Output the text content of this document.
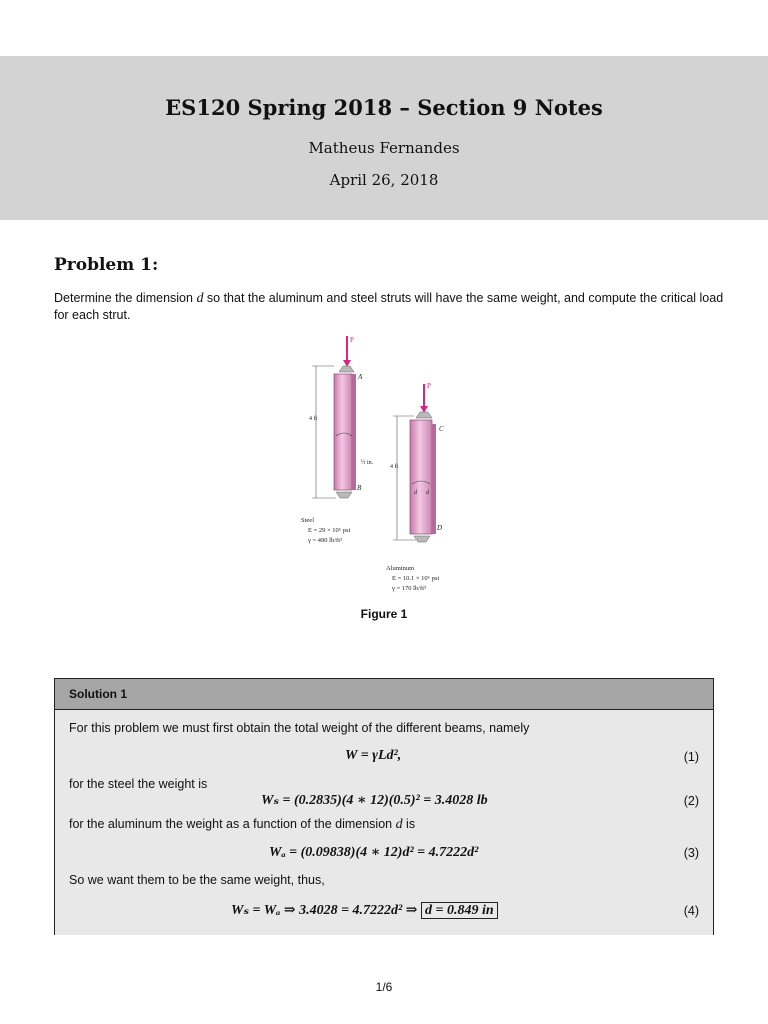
ES120 Spring 2018 – Section 9 Notes
Matheus Fernandes
April 26, 2018
Problem 1:
Determine the dimension d so that the aluminum and steel struts will have the same weight, and compute the critical load for each strut.
P
P
A
B
C
D
4 ft
4 ft
½ in.
d d
Steel
E = 29 × 10⁶ psi
γ = 490 lb/ft³
Aluminum
E = 10.1 × 10⁶ psi
γ = 170 lb/ft³
Figure 1
Solution 1
For this problem we must first obtain the total weight of the different beams, namely
W = γLd²,	(1)
for the steel the weight is
Wₛ = (0.2835)(4 ∗ 12)(0.5)² = 3.4028 lb	(2)
for the aluminum the weight as a function of the dimension d is
Wₐ = (0.09838)(4 ∗ 12)d² = 4.7222d²	(3)
So we want them to be the same weight, thus,
Wₛ = Wₐ ⇒ 3.4028 = 4.7222d² ⇒ d = 0.849 in	(4)
1/6
